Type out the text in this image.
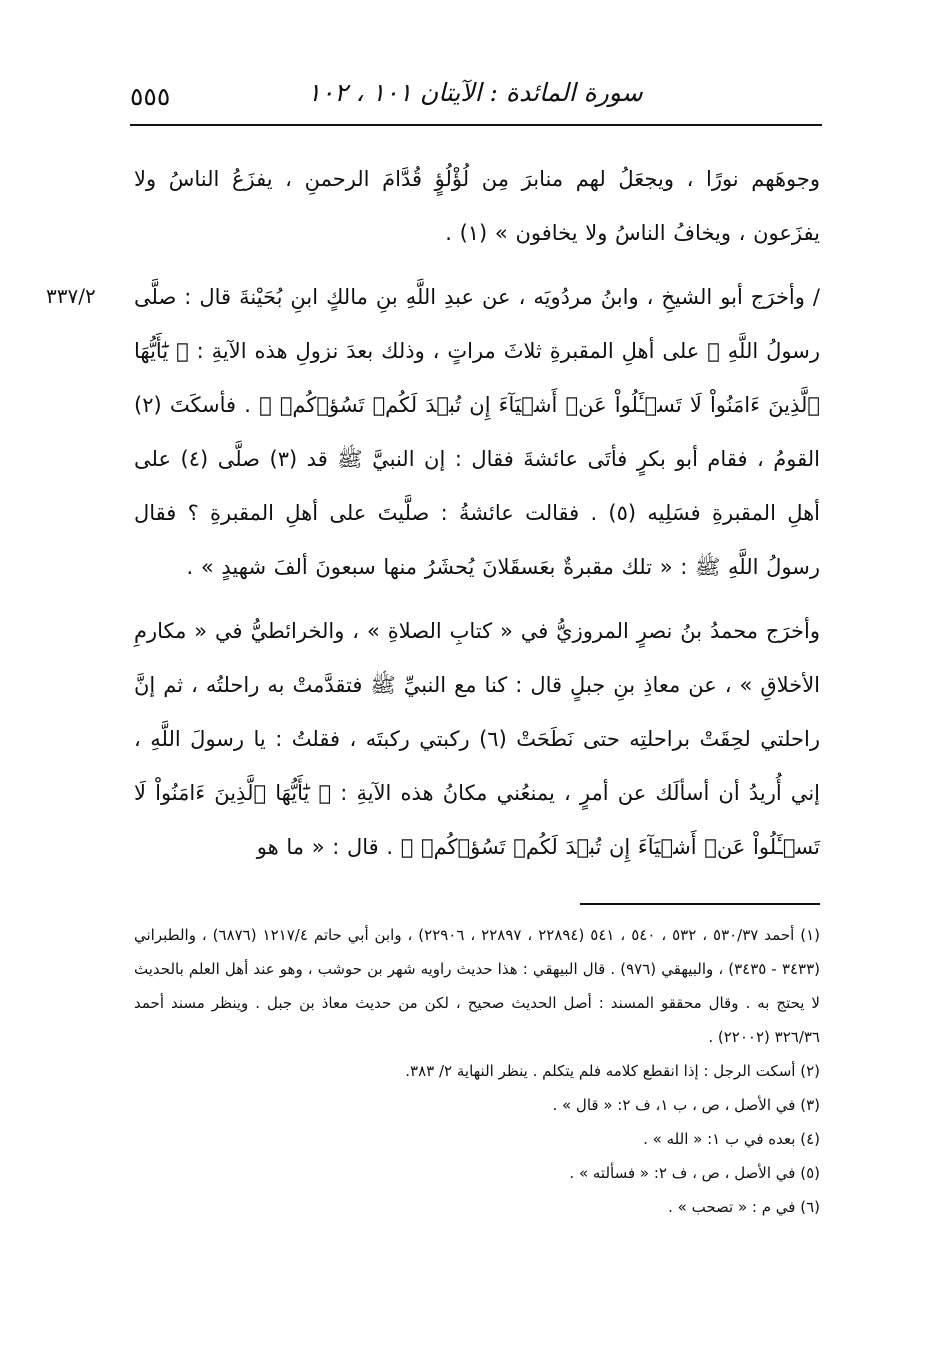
سورة المائدة : الآيتان ١٠١ ، ١٠٢
٥٥٥
٣٣٧/٢

وجوهَهم نورًا ، ويجعَلُ لهم منابرَ مِن لُؤْلُؤٍ قُدَّامَ الرحمنِ ، يفزَعُ الناسُ ولا يفزَعون ، ويخافُ الناسُ ولا يخافون » (١) .

/ وأخرَج أبو الشيخِ ، وابنُ مردُويَه ، عن عبدِ اللَّهِ بنِ مالكٍ ابنِ بُحَيْنةَ قال : صلَّى رسولُ اللَّهِ ﷺ على أهلِ المقبرةِ ثلاثَ مراتٍ ، وذلك بعدَ نزولِ هذه الآيةِ : ﴿ يَٰٓأَيُّهَا ٱلَّذِينَ ءَامَنُواْ لَا تَسۡـَٔلُواْ عَنۡ أَشۡيَآءَ إِن تُبۡدَ لَكُمۡ تَسُؤۡكُمۡ ﴾ . فأسكَتَ (٢) القومُ ، فقام أبو بكرٍ فأتَى عائشةَ فقال : إن النبيَّ ﷺ قد (٣) صلَّى (٤) على أهلِ المقبرةِ فسَلِيه (٥) . فقالت عائشةُ : صلَّيتَ على أهلِ المقبرةِ ؟ فقال رسولُ اللَّهِ ﷺ : « تلك مقبرةٌ بعَسقَلانَ يُحشَرُ منها سبعونَ ألفَ شهيدٍ » .

وأخرَج محمدُ بنُ نصرٍ المروزيُّ في « كتابِ الصلاةِ » ، والخرائطيُّ في « مكارمِ الأخلاقِ » ، عن معاذِ بنِ جبلٍ قال : كنا مع النبيِّ ﷺ فتقدَّمتْ به راحلتُه ، ثم إنَّ راحلتي لحِقَتْ براحلتِه حتى نَطَحَتْ (٦) ركبتي ركبتَه ، فقلتُ : يا رسولَ اللَّهِ ، إني أُريدُ أن أسألَك عن أمرٍ ، يمنعُني مكانُ هذه الآيةِ : ﴿ يَٰٓأَيُّهَا ٱلَّذِينَ ءَامَنُواْ لَا تَسۡـَٔلُواْ عَنۡ أَشۡيَآءَ إِن تُبۡدَ لَكُمۡ تَسُؤۡكُمۡ ﴾ . قال : « ما هو

(١) أحمد ٥٣٠/٣٧ ، ٥٣٢ ، ٥٤٠ ، ٥٤١ (٢٢٨٩٤ ، ٢٢٨٩٧ ، ٢٢٩٠٦) ، وابن أبي حاتم ١٢١٧/٤ (٦٨٧٦) ، والطبراني (٣٤٣٣ - ٣٤٣٥) ، والبيهقي (٩٧٦) . قال البيهقي : هذا حديث راويه شهر بن حوشب ، وهو عند أهل العلم بالحديث لا يحتج به . وقال محققو المسند : أصل الحديث صحيح ، لكن من حديث معاذ بن جبل . وينظر مسند أحمد ٣٢٦/٣٦ (٢٢٠٠٢) .

(٢) أسكت الرجل : إذا انقطع كلامه فلم يتكلم . ينظر النهاية ٢/ ٣٨٣.

(٣) في الأصل ، ص ، ب ١، ف ٢: « قال » .

(٤) بعده في ب ١: « الله » .

(٥) في الأصل ، ص ، ف ٢: « فسألته » .

(٦) في م : « تصحب » .
